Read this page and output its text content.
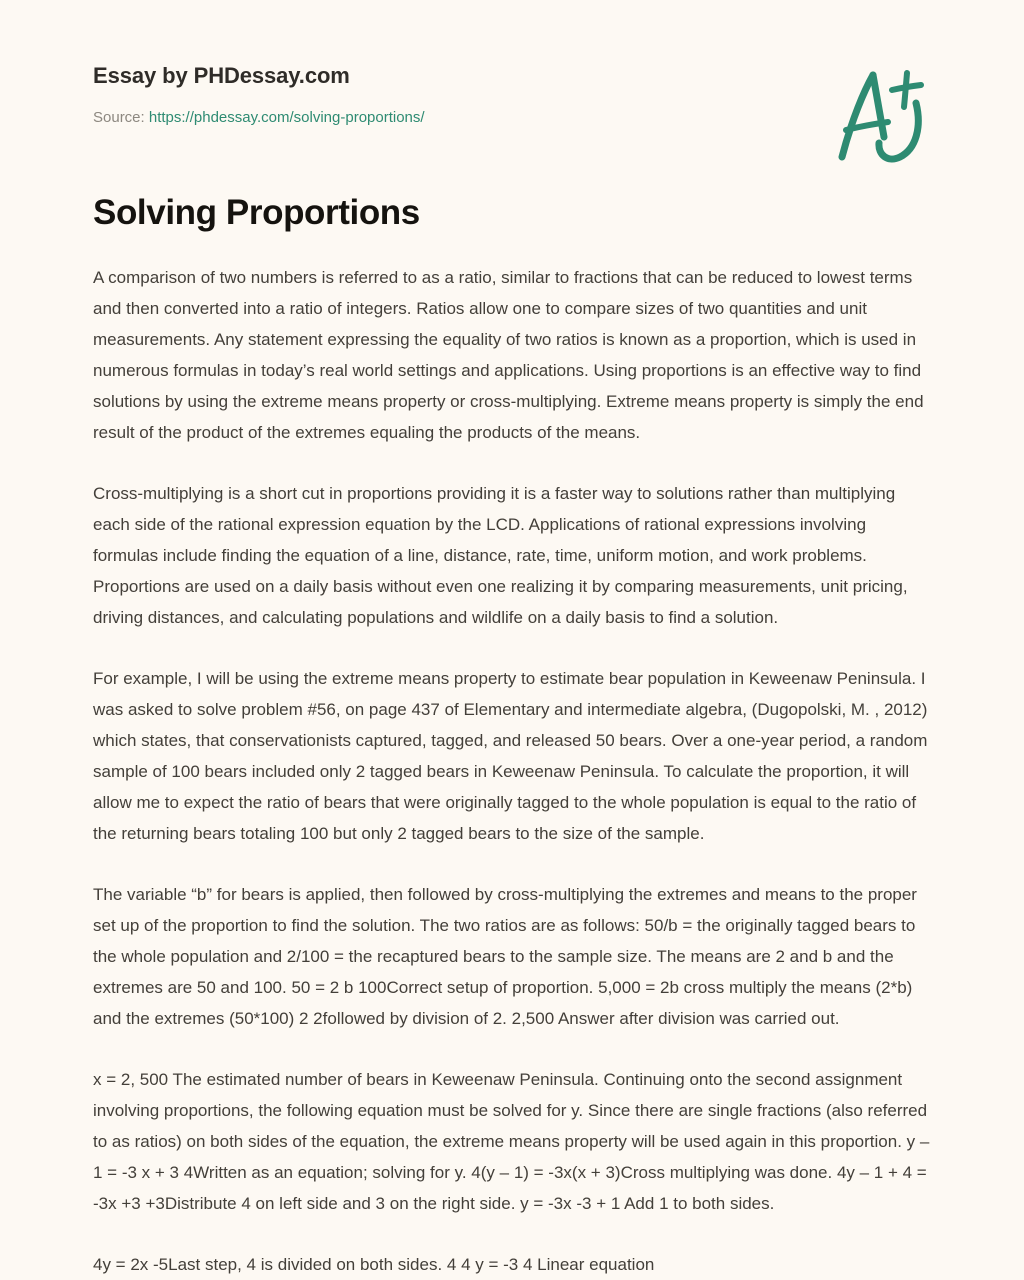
Essay by PHDessay.com
Source: https://phdessay.com/solving-proportions/
Solving Proportions

A comparison of two numbers is referred to as a ratio, similar to fractions that can be reduced to lowest terms and then converted into a ratio of integers. Ratios allow one to compare sizes of two quantities and unit measurements. Any statement expressing the equality of two ratios is known as a proportion, which is used in numerous formulas in today’s real world settings and applications. Using proportions is an effective way to find solutions by using the extreme means property or cross-multiplying. Extreme means property is simply the end result of the product of the extremes equaling the products of the means.

Cross-multiplying is a short cut in proportions providing it is a faster way to solutions rather than multiplying each side of the rational expression equation by the LCD. Applications of rational expressions involving formulas include finding the equation of a line, distance, rate, time, uniform motion, and work problems. Proportions are used on a daily basis without even one realizing it by comparing measurements, unit pricing, driving distances, and calculating populations and wildlife on a daily basis to find a solution.

For example, I will be using the extreme means property to estimate bear population in Keweenaw Peninsula. I was asked to solve problem #56, on page 437 of Elementary and intermediate algebra, (Dugopolski, M. , 2012) which states, that conservationists captured, tagged, and released 50 bears. Over a one-year period, a random sample of 100 bears included only 2 tagged bears in Keweenaw Peninsula. To calculate the proportion, it will allow me to expect the ratio of bears that were originally tagged to the whole population is equal to the ratio of the returning bears totaling 100 but only 2 tagged bears to the size of the sample.

The variable “b” for bears is applied, then followed by cross-multiplying the extremes and means to the proper set up of the proportion to find the solution. The two ratios are as follows: 50/b = the originally tagged bears to the whole population and 2/100 = the recaptured bears to the sample size. The means are 2 and b and the extremes are 50 and 100. 50 = 2 b 100Correct setup of proportion. 5,000 = 2b cross multiply the means (2*b) and the extremes (50*100) 2 2followed by division of 2. 2,500 Answer after division was carried out.

x = 2, 500 The estimated number of bears in Keweenaw Peninsula. Continuing onto the second assignment involving proportions, the following equation must be solved for y. Since there are single fractions (also referred to as ratios) on both sides of the equation, the extreme means property will be used again in this proportion. y – 1 = -3 x + 3 4Written as an equation; solving for y. 4(y – 1) = -3x(x + 3)Cross multiplying was done. 4y – 1 + 4 = -3x +3 +3Distribute 4 on left side and 3 on the right side. y = -3x -3 + 1 Add 1 to both sides.

4y = 2x -5Last step, 4 is divided on both sides. 4 4 y = -3 4 Linear equation
